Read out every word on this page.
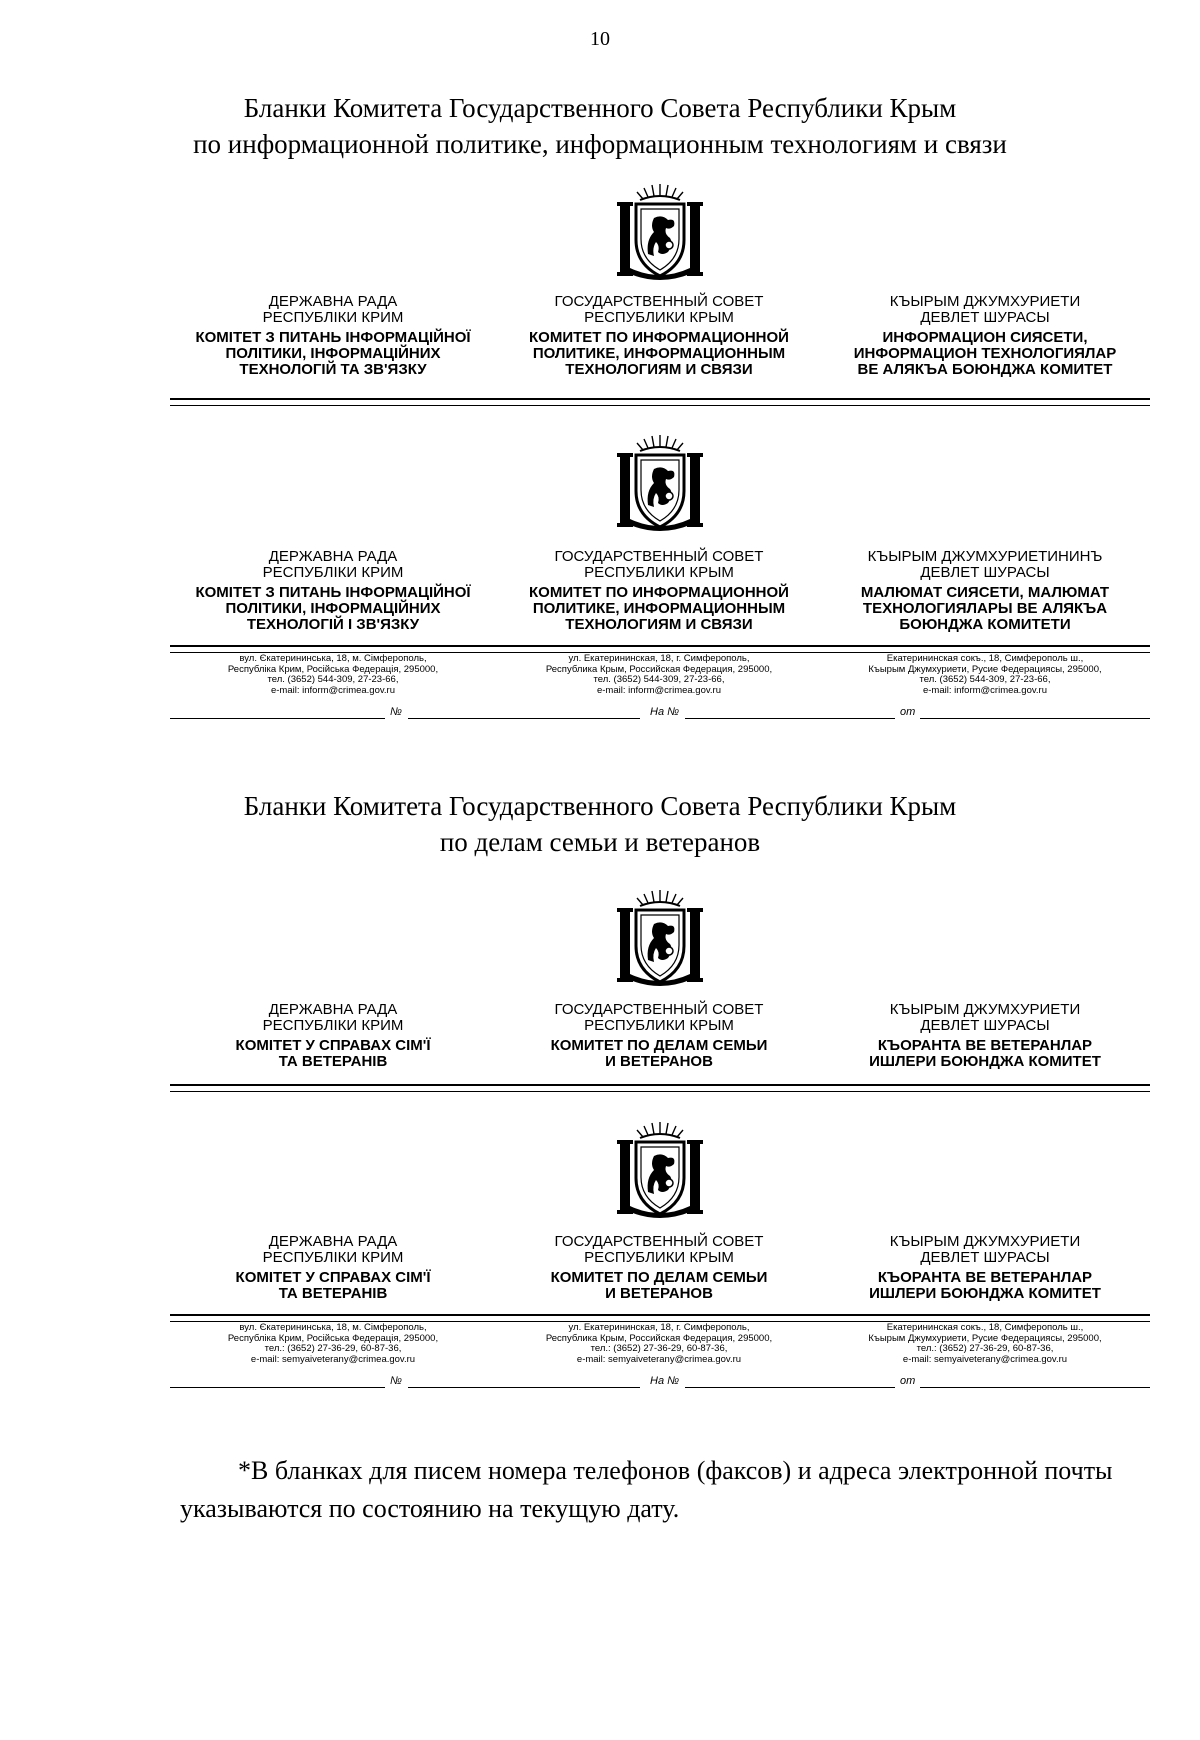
10
Бланки Комитета Государственного Совета Республики Крым
по информационной политике, информационным технологиям и связи
ДЕРЖАВНА РАДА
РЕСПУБЛІКИ КРИМ
КОМІТЕТ З ПИТАНЬ ІНФОРМАЦІЙНОЇ
ПОЛІТИКИ, ІНФОРМАЦІЙНИХ
ТЕХНОЛОГІЙ ТА ЗВ'ЯЗКУ
ГОСУДАРСТВЕННЫЙ СОВЕТ
РЕСПУБЛИКИ КРЫМ
КОМИТЕТ ПО ИНФОРМАЦИОННОЙ
ПОЛИТИКЕ, ИНФОРМАЦИОННЫМ
ТЕХНОЛОГИЯМ И СВЯЗИ
КЪЫРЫМ ДЖУМХУРИЕТИ
ДЕВЛЕТ ШУРАСЫ
ИНФОРМАЦИОН СИЯСЕТИ,
ИНФОРМАЦИОН ТЕХНОЛОГИЯЛАР
ВЕ АЛЯКЪА БОЮНДЖА КОМИТЕТ
ДЕРЖАВНА РАДА
РЕСПУБЛІКИ КРИМ
КОМІТЕТ З ПИТАНЬ ІНФОРМАЦІЙНОЇ
ПОЛІТИКИ, ІНФОРМАЦІЙНИХ
ТЕХНОЛОГІЙ І ЗВ'ЯЗКУ
ГОСУДАРСТВЕННЫЙ СОВЕТ
РЕСПУБЛИКИ КРЫМ
КОМИТЕТ ПО ИНФОРМАЦИОННОЙ
ПОЛИТИКЕ, ИНФОРМАЦИОННЫМ
ТЕХНОЛОГИЯМ И СВЯЗИ
КЪЫРЫМ ДЖУМХУРИЕТИНИНЪ
ДЕВЛЕТ ШУРАСЫ
МАЛЮМАТ СИЯСЕТИ, МАЛЮМАТ
ТЕХНОЛОГИЯЛАРЫ ВЕ АЛЯКЪА
БОЮНДЖА КОМИТЕТИ
вул. Єкатерининська, 18, м. Сімферополь,
Республіка Крим, Російська Федерація, 295000,
тел. (3652) 544-309, 27-23-66,
e-mail: inform@crimea.gov.ru
ул. Екатерининская, 18, г. Симферополь,
Республика Крым, Российская Федерация, 295000,
тел. (3652) 544-309, 27-23-66,
e-mail: inform@crimea.gov.ru
Екатерининская сокъ., 18, Симферополь ш.,
Къырым Джумхуриети, Русие Федерациясы, 295000,
тел. (3652) 544-309, 27-23-66,
e-mail: inform@crimea.gov.ru
№	На №	от
Бланки Комитета Государственного Совета Республики Крым
по делам семьи и ветеранов
ДЕРЖАВНА РАДА
РЕСПУБЛІКИ КРИМ
КОМІТЕТ У СПРАВАХ СІМ'Ї
ТА ВЕТЕРАНІВ
ГОСУДАРСТВЕННЫЙ СОВЕТ
РЕСПУБЛИКИ КРЫМ
КОМИТЕТ ПО ДЕЛАМ СЕМЬИ
И ВЕТЕРАНОВ
КЪЫРЫМ ДЖУМХУРИЕТИ
ДЕВЛЕТ ШУРАСЫ
КЪОРАНТА ВЕ ВЕТЕРАНЛАР
ИШЛЕРИ БОЮНДЖА КОМИТЕТ
ДЕРЖАВНА РАДА
РЕСПУБЛІКИ КРИМ
КОМІТЕТ У СПРАВАХ СІМ'Ї
ТА ВЕТЕРАНІВ
ГОСУДАРСТВЕННЫЙ СОВЕТ
РЕСПУБЛИКИ КРЫМ
КОМИТЕТ ПО ДЕЛАМ СЕМЬИ
И ВЕТЕРАНОВ
КЪЫРЫМ ДЖУМХУРИЕТИ
ДЕВЛЕТ ШУРАСЫ
КЪОРАНТА ВЕ ВЕТЕРАНЛАР
ИШЛЕРИ БОЮНДЖА КОМИТЕТ
вул. Єкатерининська, 18, м. Сімферополь,
Республіка Крим, Російська Федерація, 295000,
тел.: (3652) 27-36-29, 60-87-36,
e-mail: semyaiveterany@crimea.gov.ru
ул. Екатерининская, 18, г. Симферополь,
Республика Крым, Российская Федерация, 295000,
тел.: (3652) 27-36-29, 60-87-36,
e-mail: semyaiveterany@crimea.gov.ru
Екатерининская сокъ., 18, Симферополь ш.,
Къырым Джумхуриети, Русие Федерациясы, 295000,
тел.: (3652) 27-36-29, 60-87-36,
e-mail: semyaiveterany@crimea.gov.ru
№	На №	от

*В бланках для писем номера телефонов (факсов) и адреса электронной почты указываются по состоянию на текущую дату.
